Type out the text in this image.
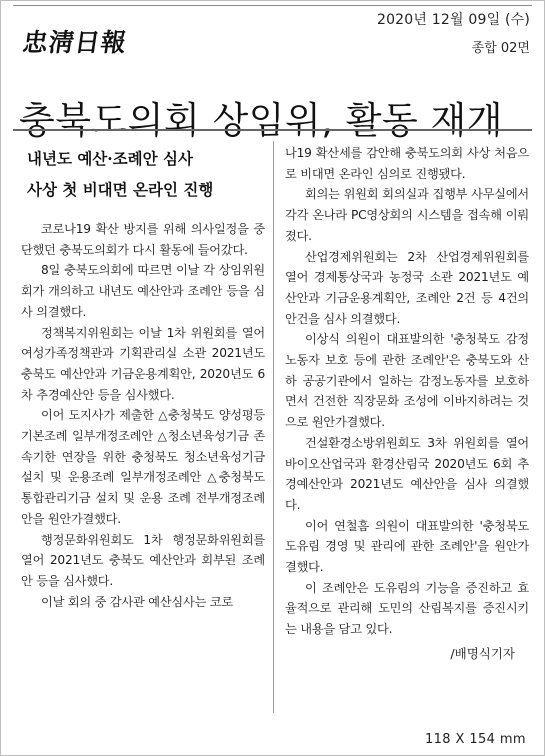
2020년 12월 09일 (수)
忠淸日報	종합 02면
충북도의회 상임위, 활동 재개
내년도 예산·조례안 심사
사상 첫 비대면 온라인 진행

코로나19 확산 방지를 위해 의사일정을 중단했던 충북도의회가 다시 활동에 들어갔다.

8일 충북도의회에 따르면 이날 각 상임위원회가 개의하고 내년도 예산안과 조례안 등을 심사 의결했다.

정책복지위원회는 이날 1차 위원회를 열어 여성가족정책관과 기획관리실 소관 2021년도 충북도 예산안과 기금운용계획안, 2020년도 6차 추경예산안 등을 심사했다.

이어 도지사가 제출한 △충청북도 양성평등 기본조례 일부개정조례안 △청소년육성기금 존속기한 연장을 위한 충청북도 청소년육성기금 설치 및 운용조례 일부개정조례안 △충청북도 통합관리기금 설치 및 운용 조례 전부개정조례안을 원안가결했다.

행정문화위원회도 1차 행정문화위원회를 열어 2021년도 충북도 예산안과 회부된 조례안 등을 심사했다.

이날 회의 중 감사관 예산심사는 코로

나19 확산세를 감안해 충북도의회 사상 처음으로 비대면 온라인 심의로 진행됐다.

회의는 위원회 회의실과 집행부 사무실에서 각각 온나라 PC영상회의 시스템을 접속해 이뤄졌다.

산업경제위원회는 2차 산업경제위원회를 열어 경제통상국과 농정국 소관 2021년도 예산안과 기금운용계획안, 조례안 2건 등 4건의 안건을 심사 의결했다.

이상식 의원이 대표발의한 '충청북도 감정노동자 보호 등에 관한 조례안'은 충북도와 산하 공공기관에서 일하는 감정노동자를 보호하면서 건전한 직장문화 조성에 이바지하려는 것으로 원안가결했다.

건설환경소방위원회도 3차 위원회를 열어 바이오산업국과 환경산림국 2020년도 6회 추경예산안과 2021년도 예산안을 심사 의결했다.

이어 연철흠 의원이 대표발의한 '충청북도 도유림 경영 및 관리에 관한 조례안'을 원안가결했다.

이 조례안은 도유림의 기능을 증진하고 효율적으로 관리해 도민의 산림복지를 증진시키는 내용을 담고 있다.

/배명식기자
118 X 154 mm
